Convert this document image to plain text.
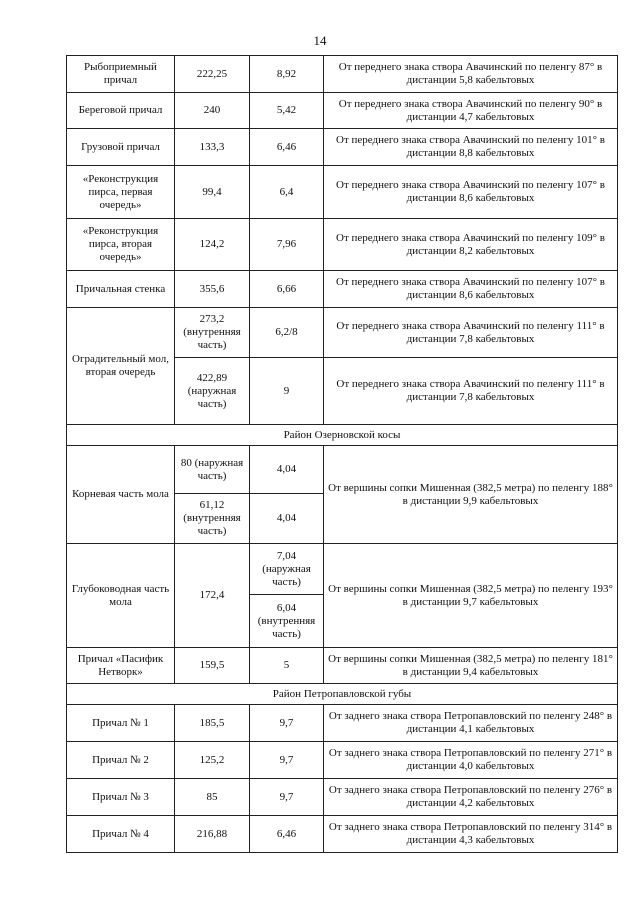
14
Рыбоприемный причал	222,25	8,92	От переднего знака створа Авачинский по пеленгу 87° в дистанции 5,8 кабельтовых
Береговой причал	240	5,42	От переднего знака створа Авачинский по пеленгу 90° в дистанции 4,7 кабельтовых
Грузовой причал	133,3	6,46	От переднего знака створа Авачинский по пеленгу 101° в дистанции 8,8 кабельтовых
«Реконструкция пирса, первая очередь»	99,4	6,4	От переднего знака створа Авачинский по пеленгу 107° в дистанции 8,6 кабельтовых
«Реконструкция пирса, вторая очередь»	124,2	7,96	От переднего знака створа Авачинский по пеленгу 109° в дистанции 8,2 кабельтовых
Причальная стенка	355,6	6,66	От переднего знака створа Авачинский по пеленгу 107° в дистанции 8,6 кабельтовых
Оградительный мол, вторая очередь	273,2 (внутренняя часть)	6,2/8	От переднего знака створа Авачинский по пеленгу 111° в дистанции 7,8 кабельтовых
	422,89 (наружная часть)	9	От переднего знака створа Авачинский по пеленгу 111° в дистанции 7,8 кабельтовых
Район Озерновской косы			
Корневая часть мола	80 (наружная часть)	4,04	От вершины сопки Мишенная (382,5 метра) по пеленгу 188° в дистанции 9,9 кабельтовых
	61,12 (внутренняя часть)	4,04	
Глубоководная часть мола	172,4	7,04 (наружная часть)	От вершины сопки Мишенная (382,5 метра) по пеленгу 193° в дистанции 9,7 кабельтовых
		6,04 (внутренняя часть)	
Причал «Пасифик Нетворк»	159,5	5	От вершины сопки Мишенная (382,5 метра) по пеленгу 181° в дистанции 9,4 кабельтовых
Район Петропавловской губы			
Причал № 1	185,5	9,7	От заднего знака створа Петропавловский по пеленгу 248° в дистанции 4,1 кабельтовых
Причал № 2	125,2	9,7	От заднего знака створа Петропавловский по пеленгу 271° в дистанции 4,0 кабельтовых
Причал № 3	85	9,7	От заднего знака створа Петропавловский по пеленгу 276° в дистанции 4,2 кабельтовых
Причал № 4	216,88	6,46	От заднего знака створа Петропавловский по пеленгу 314° в дистанции 4,3 кабельтовых
